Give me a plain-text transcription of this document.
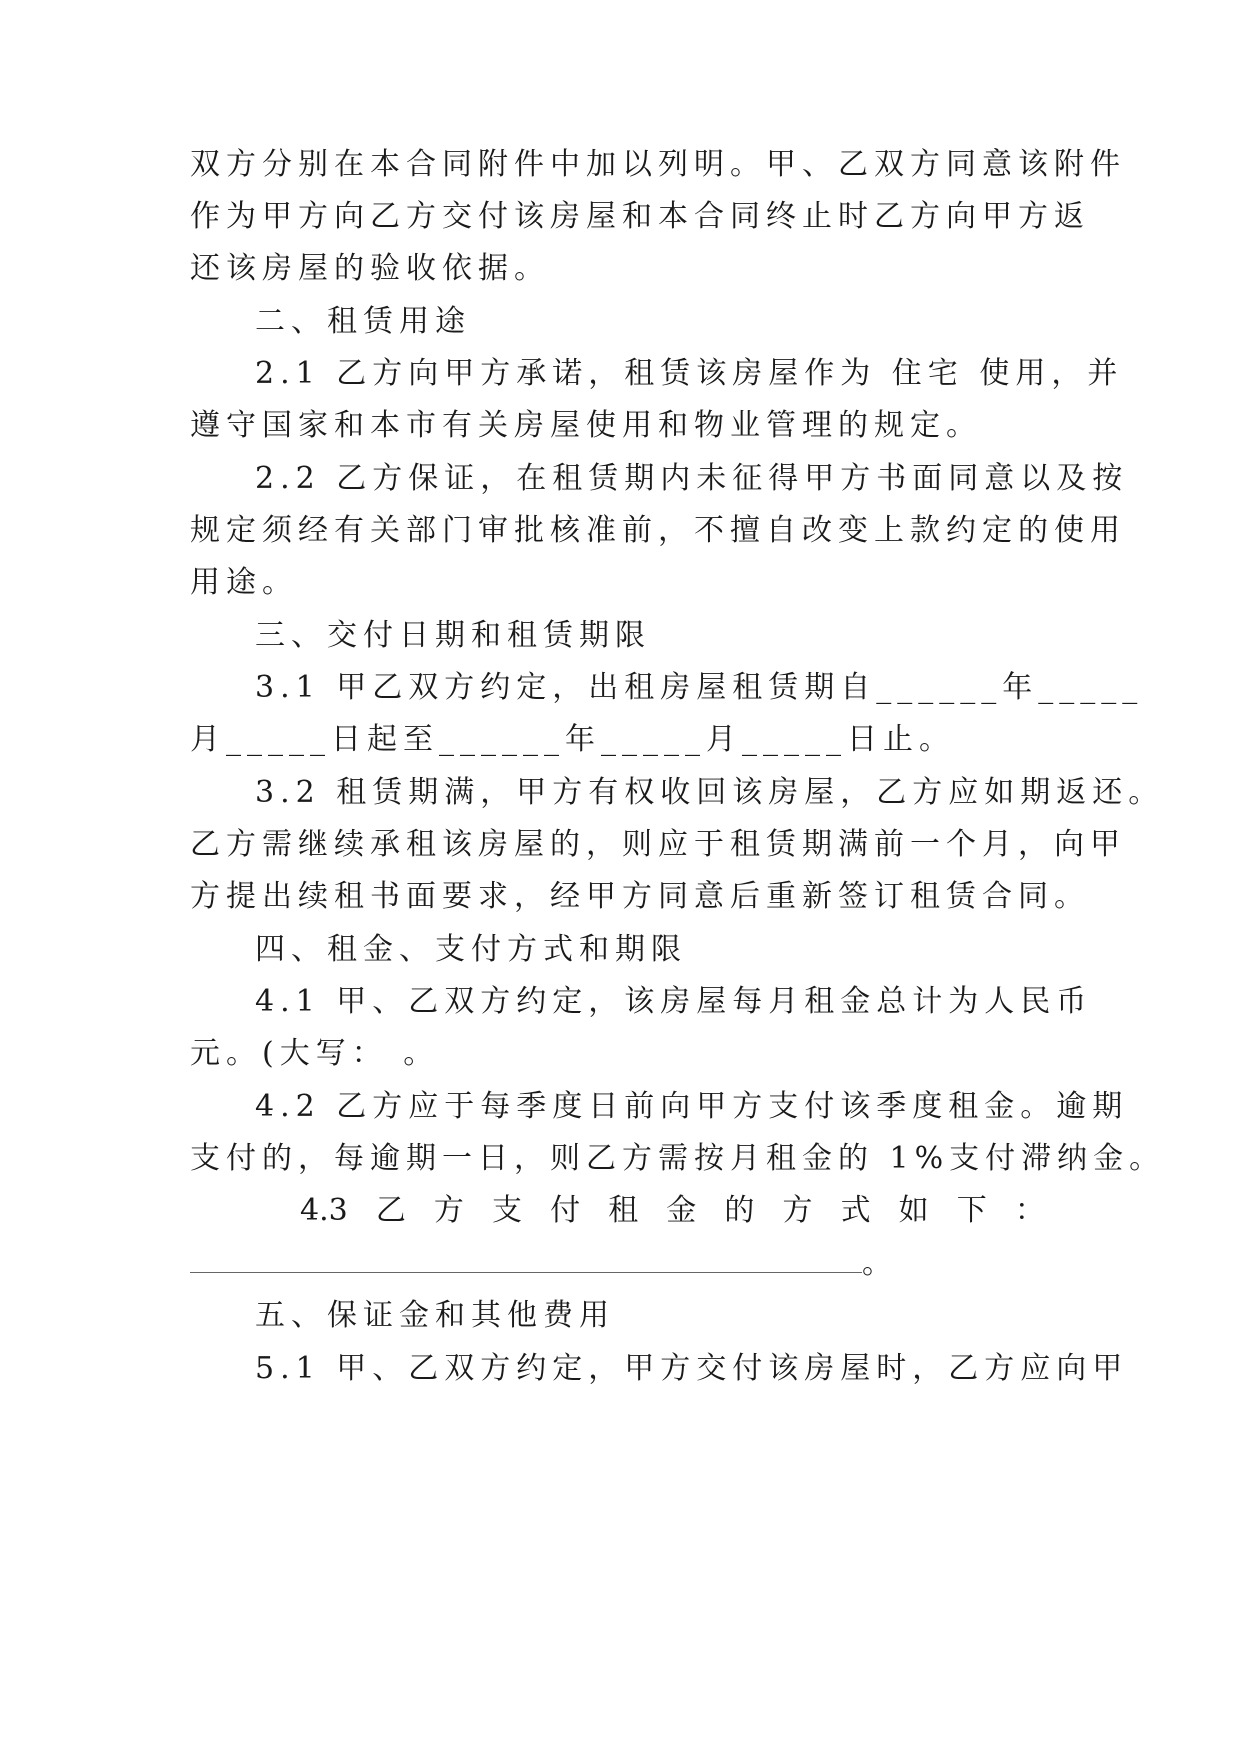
双方分别在本合同附件中加以列明。甲、乙双方同意该附件
作为甲方向乙方交付该房屋和本合同终止时乙方向甲方返
还该房屋的验收依据。
二、租赁用途
2.1 乙方向甲方承诺，租赁该房屋作为 住宅 使用，并
遵守国家和本市有关房屋使用和物业管理的规定。
2.2 乙方保证，在租赁期内未征得甲方书面同意以及按
规定须经有关部门审批核准前，不擅自改变上款约定的使用
用途。
三、交付日期和租赁期限
3.1 甲乙双方约定，出租房屋租赁期自______年_____
月_____日起至______年_____月_____日止。
3.2 租赁期满，甲方有权收回该房屋，乙方应如期返还。
乙方需继续承租该房屋的，则应于租赁期满前一个月，向甲
方提出续租书面要求，经甲方同意后重新签订租赁合同。
四、租金、支付方式和期限
4.1 甲、乙双方约定，该房屋每月租金总计为人民币
元。(大写： 。
4.2 乙方应于每季度日前向甲方支付该季度租金。逾期
支付的，每逾期一日，则乙方需按月租金的 1%支付滞纳金。
4.3 乙 方 支 付 租 金 的 方 式 如 下 ：
。
五、保证金和其他费用
5.1 甲、乙双方约定，甲方交付该房屋时，乙方应向甲
